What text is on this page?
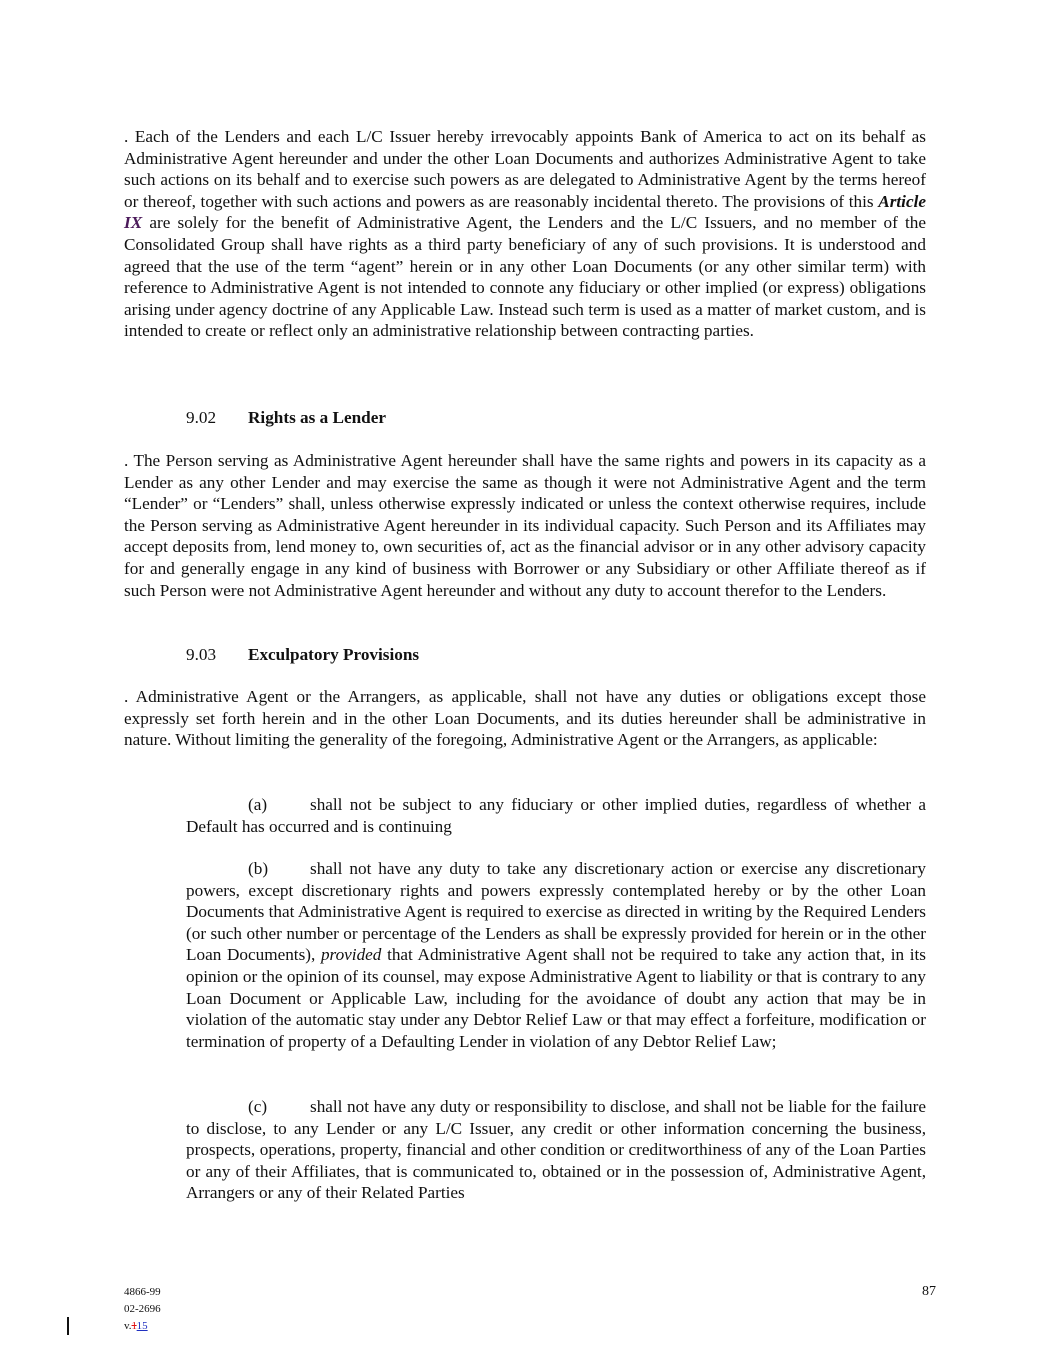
. Each of the Lenders and each L/C Issuer hereby irrevocably appoints Bank of America to act on its behalf as Administrative Agent hereunder and under the other Loan Documents and authorizes Administrative Agent to take such actions on its behalf and to exercise such powers as are delegated to Administrative Agent by the terms hereof or thereof, together with such actions and powers as are reasonably incidental thereto. The provisions of this Article IX are solely for the benefit of Administrative Agent, the Lenders and the L/C Issuers, and no member of the Consolidated Group shall have rights as a third party beneficiary of any of such provisions. It is understood and agreed that the use of the term “agent” herein or in any other Loan Documents (or any other similar term) with reference to Administrative Agent is not intended to connote any fiduciary or other implied (or express) obligations arising under agency doctrine of any Applicable Law. Instead such term is used as a matter of market custom, and is intended to create or reflect only an administrative relationship between contracting parties.
9.02 Rights as a Lender
. The Person serving as Administrative Agent hereunder shall have the same rights and powers in its capacity as a Lender as any other Lender and may exercise the same as though it were not Administrative Agent and the term “Lender” or “Lenders” shall, unless otherwise expressly indicated or unless the context otherwise requires, include the Person serving as Administrative Agent hereunder in its individual capacity. Such Person and its Affiliates may accept deposits from, lend money to, own securities of, act as the financial advisor or in any other advisory capacity for and generally engage in any kind of business with Borrower or any Subsidiary or other Affiliate thereof as if such Person were not Administrative Agent hereunder and without any duty to account therefor to the Lenders.
9.03 Exculpatory Provisions
. Administrative Agent or the Arrangers, as applicable, shall not have any duties or obligations except those expressly set forth herein and in the other Loan Documents, and its duties hereunder shall be administrative in nature. Without limiting the generality of the foregoing, Administrative Agent or the Arrangers, as applicable:
(a) shall not be subject to any fiduciary or other implied duties, regardless of whether a Default has occurred and is continuing
(b) shall not have any duty to take any discretionary action or exercise any discretionary powers, except discretionary rights and powers expressly contemplated hereby or by the other Loan Documents that Administrative Agent is required to exercise as directed in writing by the Required Lenders (or such other number or percentage of the Lenders as shall be expressly provided for herein or in the other Loan Documents), provided that Administrative Agent shall not be required to take any action that, in its opinion or the opinion of its counsel, may expose Administrative Agent to liability or that is contrary to any Loan Document or Applicable Law, including for the avoidance of doubt any action that may be in violation of the automatic stay under any Debtor Relief Law or that may effect a forfeiture, modification or termination of property of a Defaulting Lender in violation of any Debtor Relief Law;
(c) shall not have any duty or responsibility to disclose, and shall not be liable for the failure to disclose, to any Lender or any L/C Issuer, any credit or other information concerning the business, prospects, operations, property, financial and other condition or creditworthiness of any of the Loan Parties or any of their Affiliates, that is communicated to, obtained or in the possession of, Administrative Agent, Arrangers or any of their Related Parties
4866-99
02-2696
v.115
87
